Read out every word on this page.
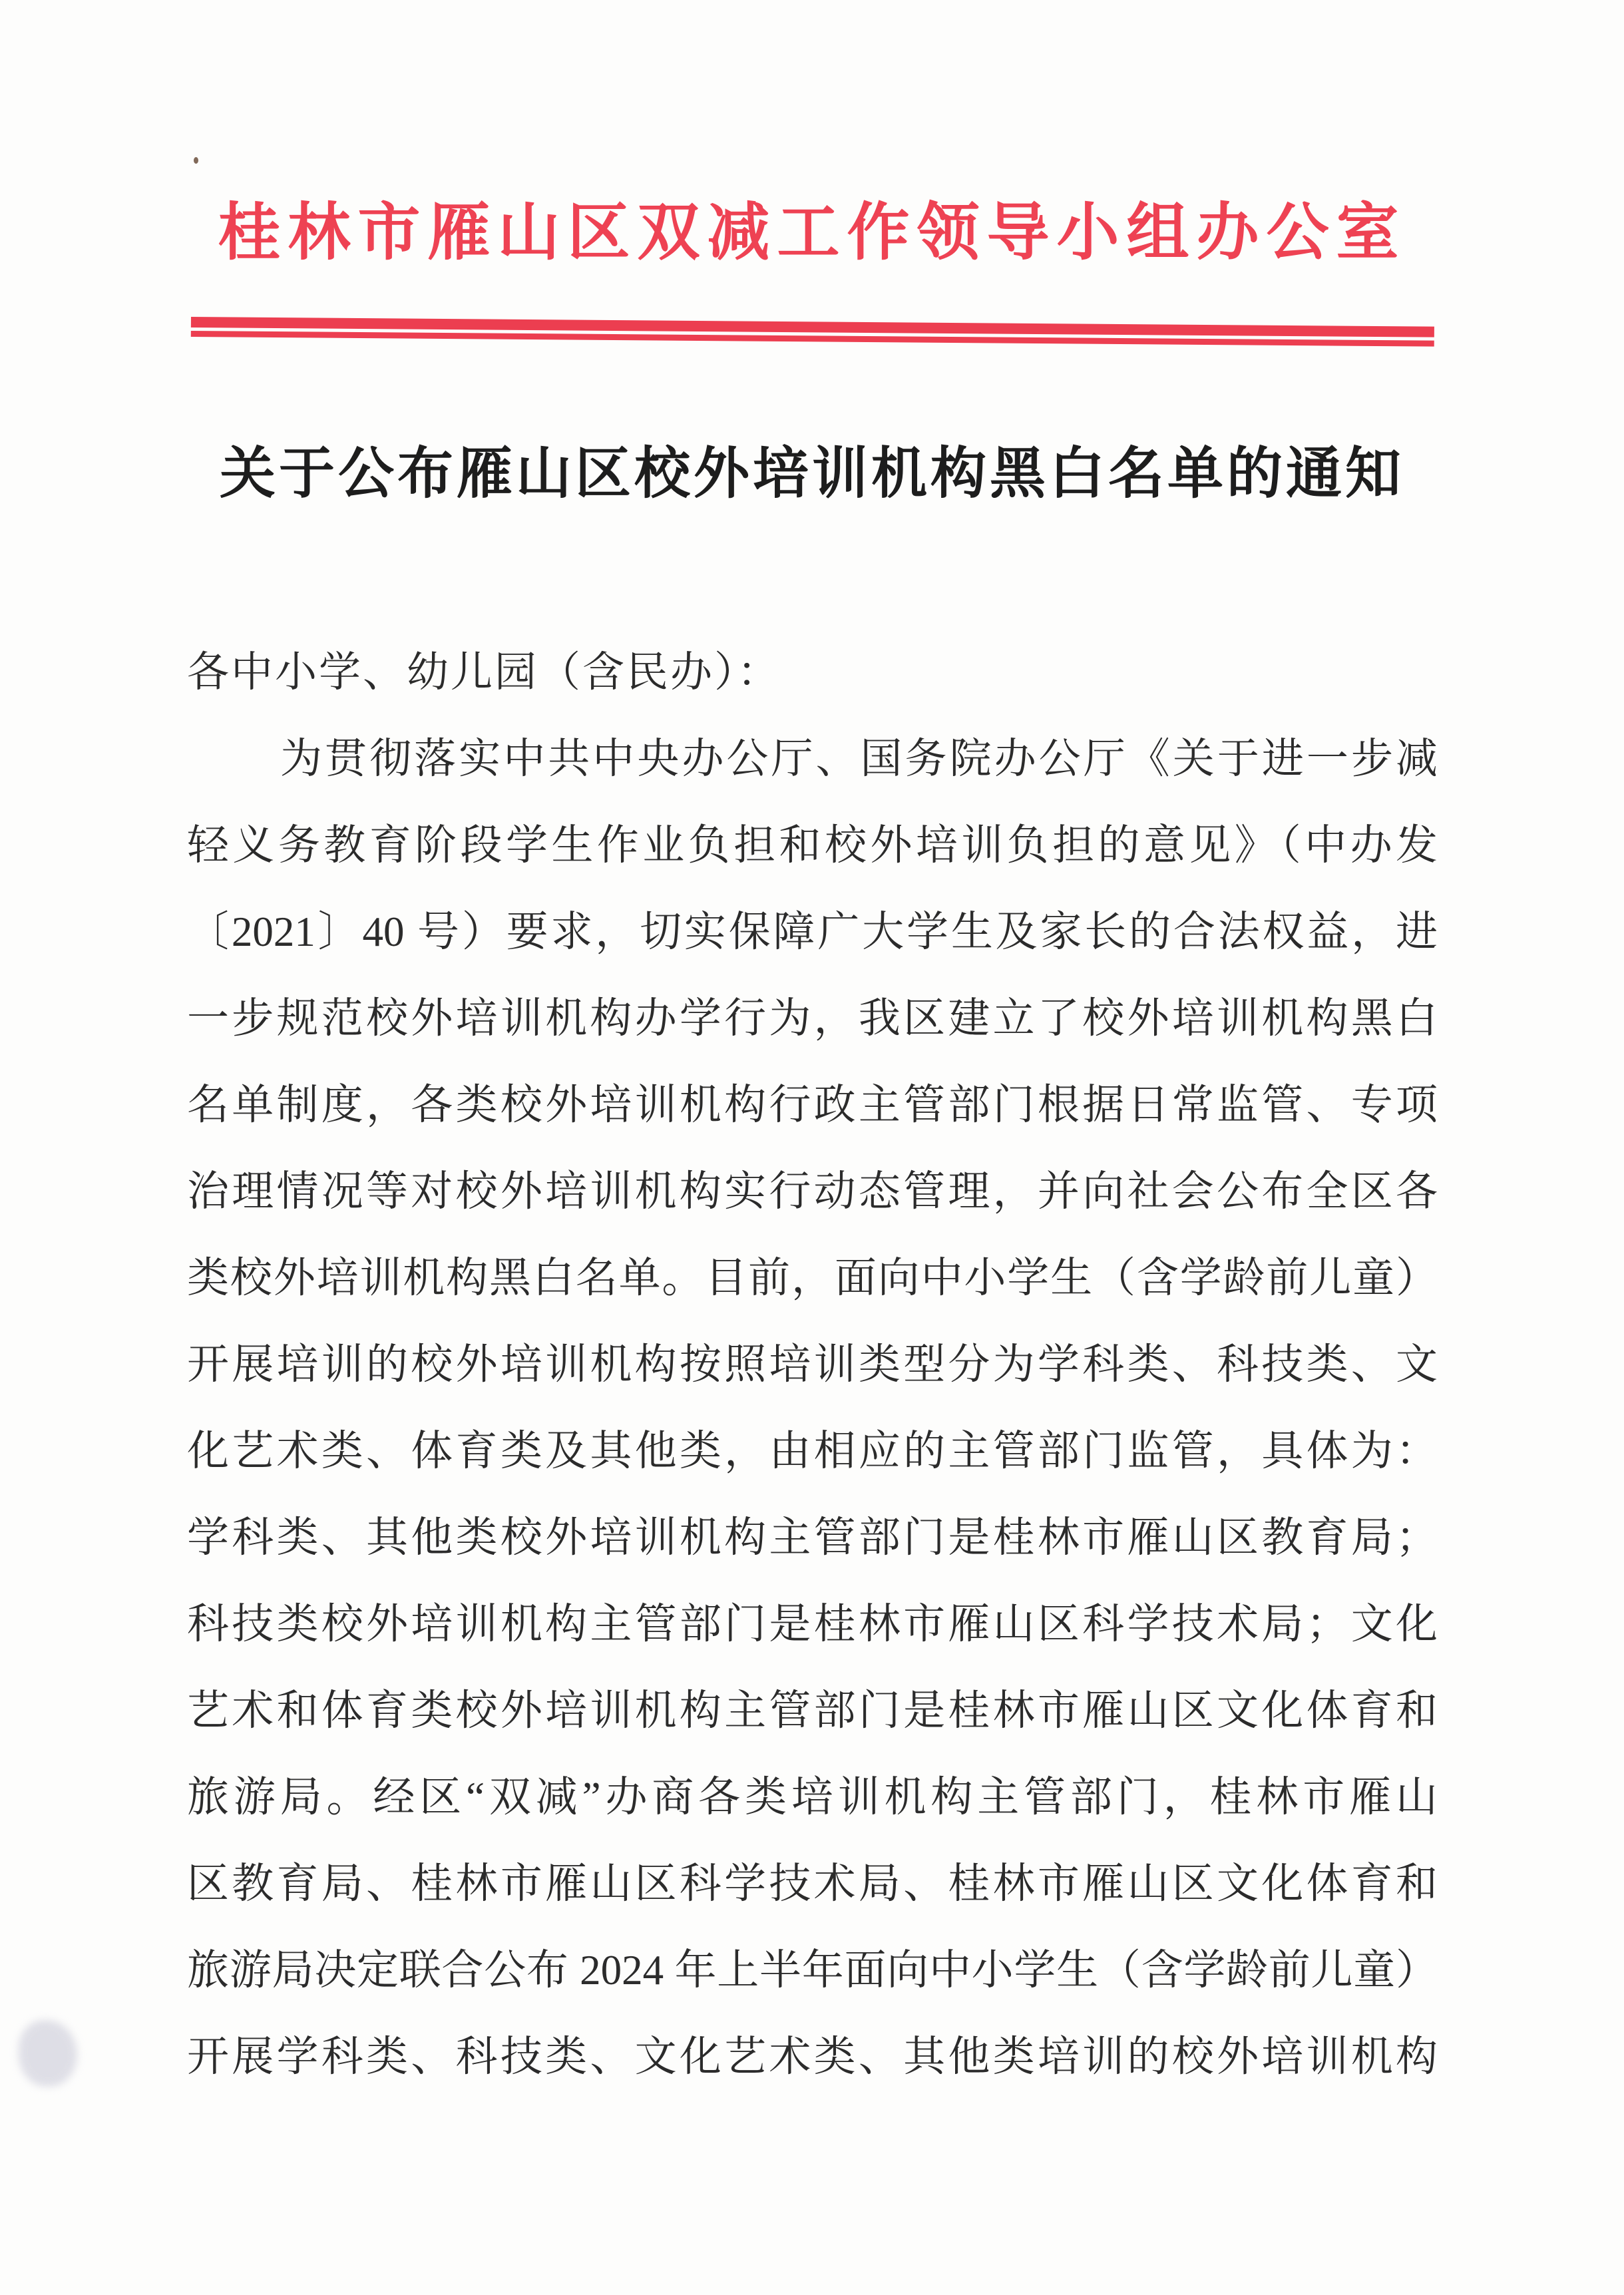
桂林市雁山区双减工作领导小组办公室
关于公布雁山区校外培训机构黑白名单的通知
各中小学、幼儿园（含民办）：
为贯彻落实中共中央办公厅、国务院办公厅《关于进一步减
轻义务教育阶段学生作业负担和校外培训负担的意见》（中办发
〔2021〕40 号）要求，切实保障广大学生及家长的合法权益，进
一步规范校外培训机构办学行为，我区建立了校外培训机构黑白
名单制度，各类校外培训机构行政主管部门根据日常监管、专项
治理情况等对校外培训机构实行动态管理，并向社会公布全区各
类校外培训机构黑白名单。目前，面向中小学生（含学龄前儿童）
开展培训的校外培训机构按照培训类型分为学科类、科技类、文
化艺术类、体育类及其他类，由相应的主管部门监管，具体为：
学科类、其他类校外培训机构主管部门是桂林市雁山区教育局；
科技类校外培训机构主管部门是桂林市雁山区科学技术局；文化
艺术和体育类校外培训机构主管部门是桂林市雁山区文化体育和
旅游局。经区“双减”办商各类培训机构主管部门，桂林市雁山
区教育局、桂林市雁山区科学技术局、桂林市雁山区文化体育和
旅游局决定联合公布 2024 年上半年面向中小学生（含学龄前儿童）
开展学科类、科技类、文化艺术类、其他类培训的校外培训机构
